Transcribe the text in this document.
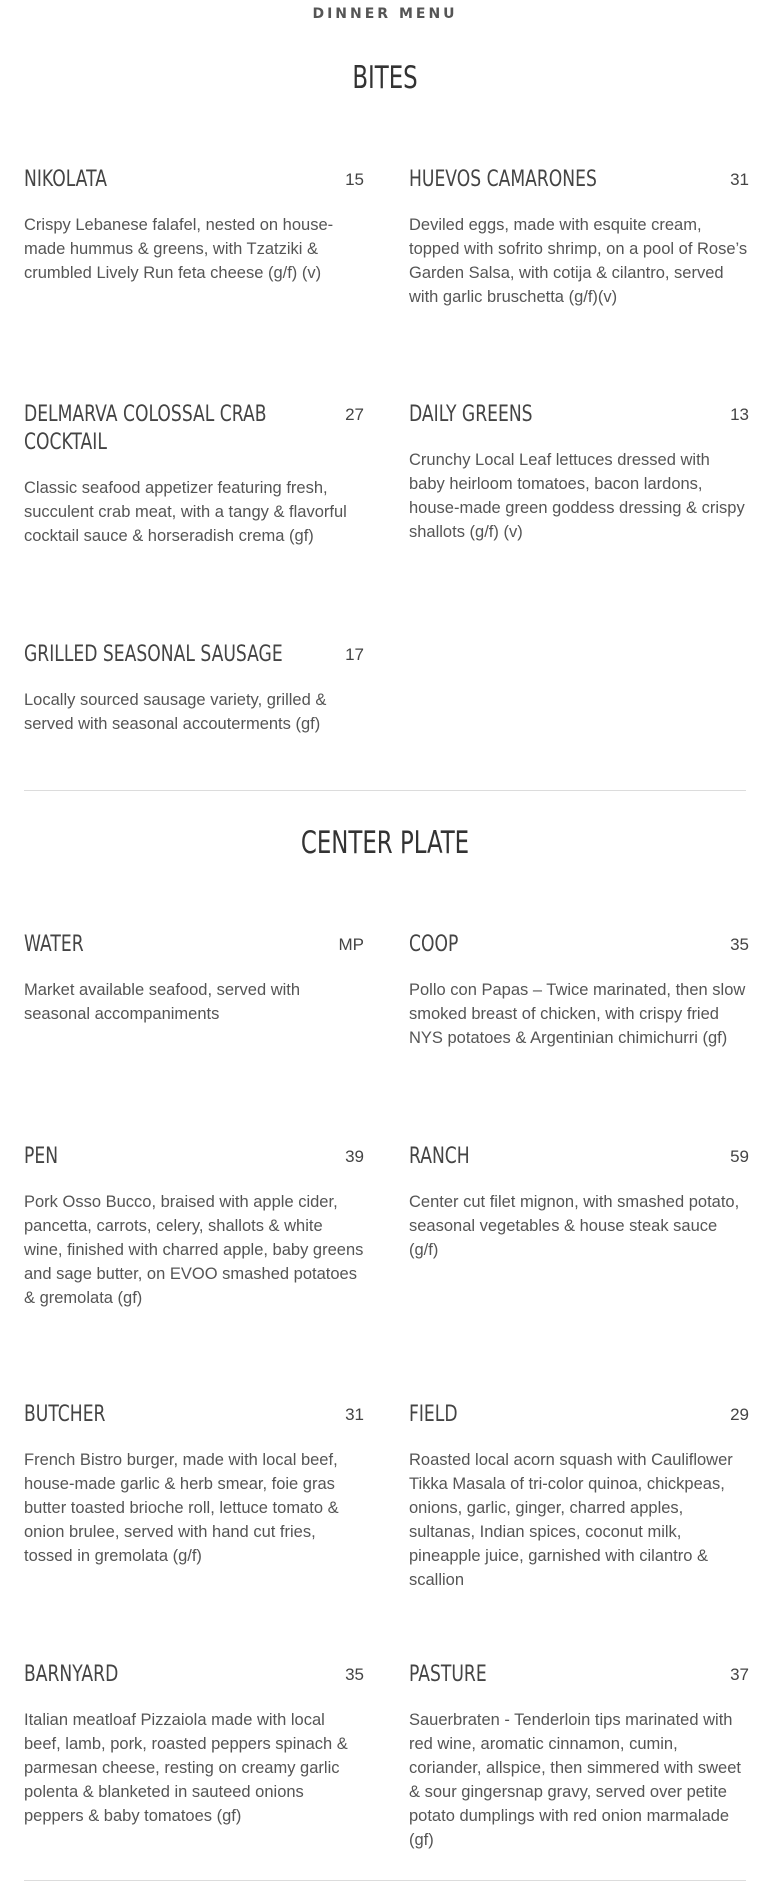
DINNER MENU
BITES
NIKOLATA	15
Crispy Lebanese falafel, nested on house-made hummus & greens, with Tzatziki & crumbled Lively Run feta cheese (g/f) (v)
HUEVOS CAMARONES	31
Deviled eggs, made with esquite cream, topped with sofrito shrimp, on a pool of Rose’s Garden Salsa, with cotija & cilantro, served with garlic bruschetta (g/f)(v)
DELMARVA COLOSSAL CRAB COCKTAIL
27
Classic seafood appetizer featuring fresh, succulent crab meat, with a tangy & flavorful cocktail sauce & horseradish crema (gf)
DAILY GREENS	13
Crunchy Local Leaf lettuces dressed with baby heirloom tomatoes, bacon lardons, house-made green goddess dressing & crispy shallots (g/f) (v)
GRILLED SEASONAL SAUSAGE	17
Locally sourced sausage variety, grilled & served with seasonal accouterments (gf)
CENTER PLATE
WATER	MP
Market available seafood, served with seasonal accompaniments
COOP	35
Pollo con Papas – Twice marinated, then slow smoked breast of chicken, with crispy fried NYS potatoes & Argentinian chimichurri (gf)
PEN	39
Pork Osso Bucco, braised with apple cider, pancetta, carrots, celery, shallots & white wine, finished with charred apple, baby greens and sage butter, on EVOO smashed potatoes & gremolata (gf)
RANCH	59
Center cut filet mignon, with smashed potato, seasonal vegetables & house steak sauce (g/f)
BUTCHER	31
French Bistro burger, made with local beef, house-made garlic & herb smear, foie gras butter toasted brioche roll, lettuce tomato & onion brulee, served with hand cut fries, tossed in gremolata (g/f)
FIELD	29
Roasted local acorn squash with Cauliflower Tikka Masala of tri-color quinoa, chickpeas, onions, garlic, ginger, charred apples, sultanas, Indian spices, coconut milk, pineapple juice, garnished with cilantro & scallion
BARNYARD	35
Italian meatloaf Pizzaiola made with local beef, lamb, pork, roasted peppers spinach & parmesan cheese, resting on creamy garlic polenta & blanketed in sauteed onions peppers & baby tomatoes (gf)
PASTURE	37
Sauerbraten - Tenderloin tips marinated with red wine, aromatic cinnamon, cumin, coriander, allspice, then simmered with sweet & sour gingersnap gravy, served over petite potato dumplings with red onion marmalade (gf)
